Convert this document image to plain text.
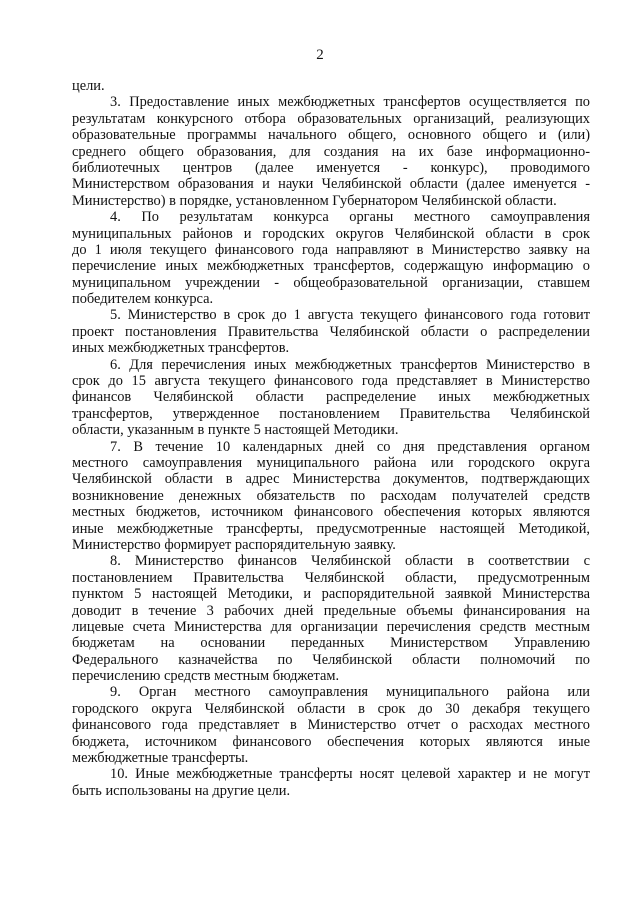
2
цели.
3. Предоставление иных межбюджетных трансфертов осуществляется по
результатам конкурсного отбора образовательных организаций, реализующих
образовательные программы начального общего, основного общего и (или)
среднего общего образования, для создания на их базе информационно-
библиотечных центров (далее именуется - конкурс), проводимого
Министерством образования и науки Челябинской области (далее именуется -
Министерство) в порядке, установленном Губернатором Челябинской области.
4. По результатам конкурса органы местного самоуправления
муниципальных районов и городских округов Челябинской области в срок
до 1 июля текущего финансового года направляют в Министерство заявку на
перечисление иных межбюджетных трансфертов, содержащую информацию о
муниципальном учреждении - общеобразовательной организации, ставшем
победителем конкурса.
5. Министерство в срок до 1 августа текущего финансового года готовит
проект постановления Правительства Челябинской области о распределении
иных межбюджетных трансфертов.
6. Для перечисления иных межбюджетных трансфертов Министерство в
срок до 15 августа текущего финансового года представляет в Министерство
финансов Челябинской области распределение иных межбюджетных
трансфертов, утвержденное постановлением Правительства Челябинской
области, указанным в пункте 5 настоящей Методики.
7. В течение 10 календарных дней со дня представления органом
местного самоуправления муниципального района или городского округа
Челябинской области в адрес Министерства документов, подтверждающих
возникновение денежных обязательств по расходам получателей средств
местных бюджетов, источником финансового обеспечения которых являются
иные межбюджетные трансферты, предусмотренные настоящей Методикой,
Министерство формирует распорядительную заявку.
8. Министерство финансов Челябинской области в соответствии с
постановлением Правительства Челябинской области, предусмотренным
пунктом 5 настоящей Методики, и распорядительной заявкой Министерства
доводит в течение 3 рабочих дней предельные объемы финансирования на
лицевые счета Министерства для организации перечисления средств местным
бюджетам на основании переданных Министерством Управлению
Федерального казначейства по Челябинской области полномочий по
перечислению средств местным бюджетам.
9. Орган местного самоуправления муниципального района или
городского округа Челябинской области в срок до 30 декабря текущего
финансового года представляет в Министерство отчет о расходах местного
бюджета, источником финансового обеспечения которых являются иные
межбюджетные трансферты.
10. Иные межбюджетные трансферты носят целевой характер и не могут
быть использованы на другие цели.
